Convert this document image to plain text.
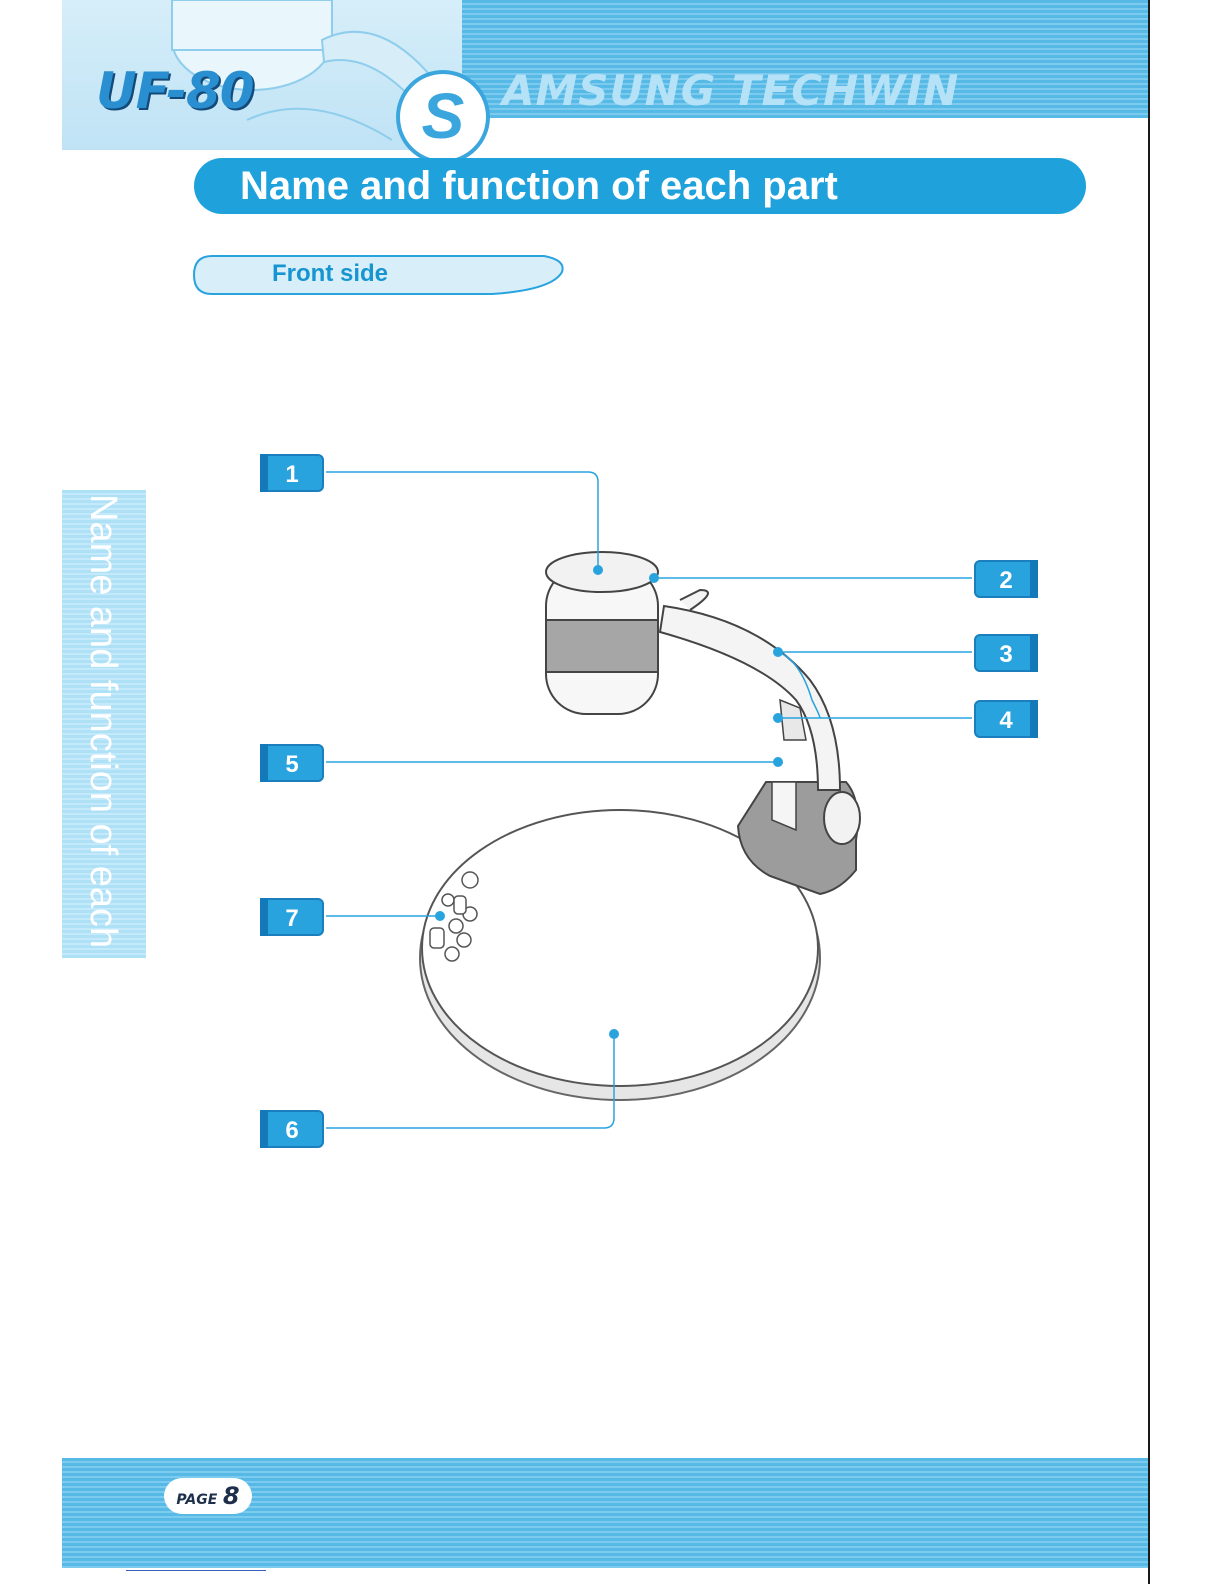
UF-80	S AMSUNG TECHWIN
Name and function of each part
Front side
Name and function of each part
1
2
3
4
5
6
7
PAGE 8
